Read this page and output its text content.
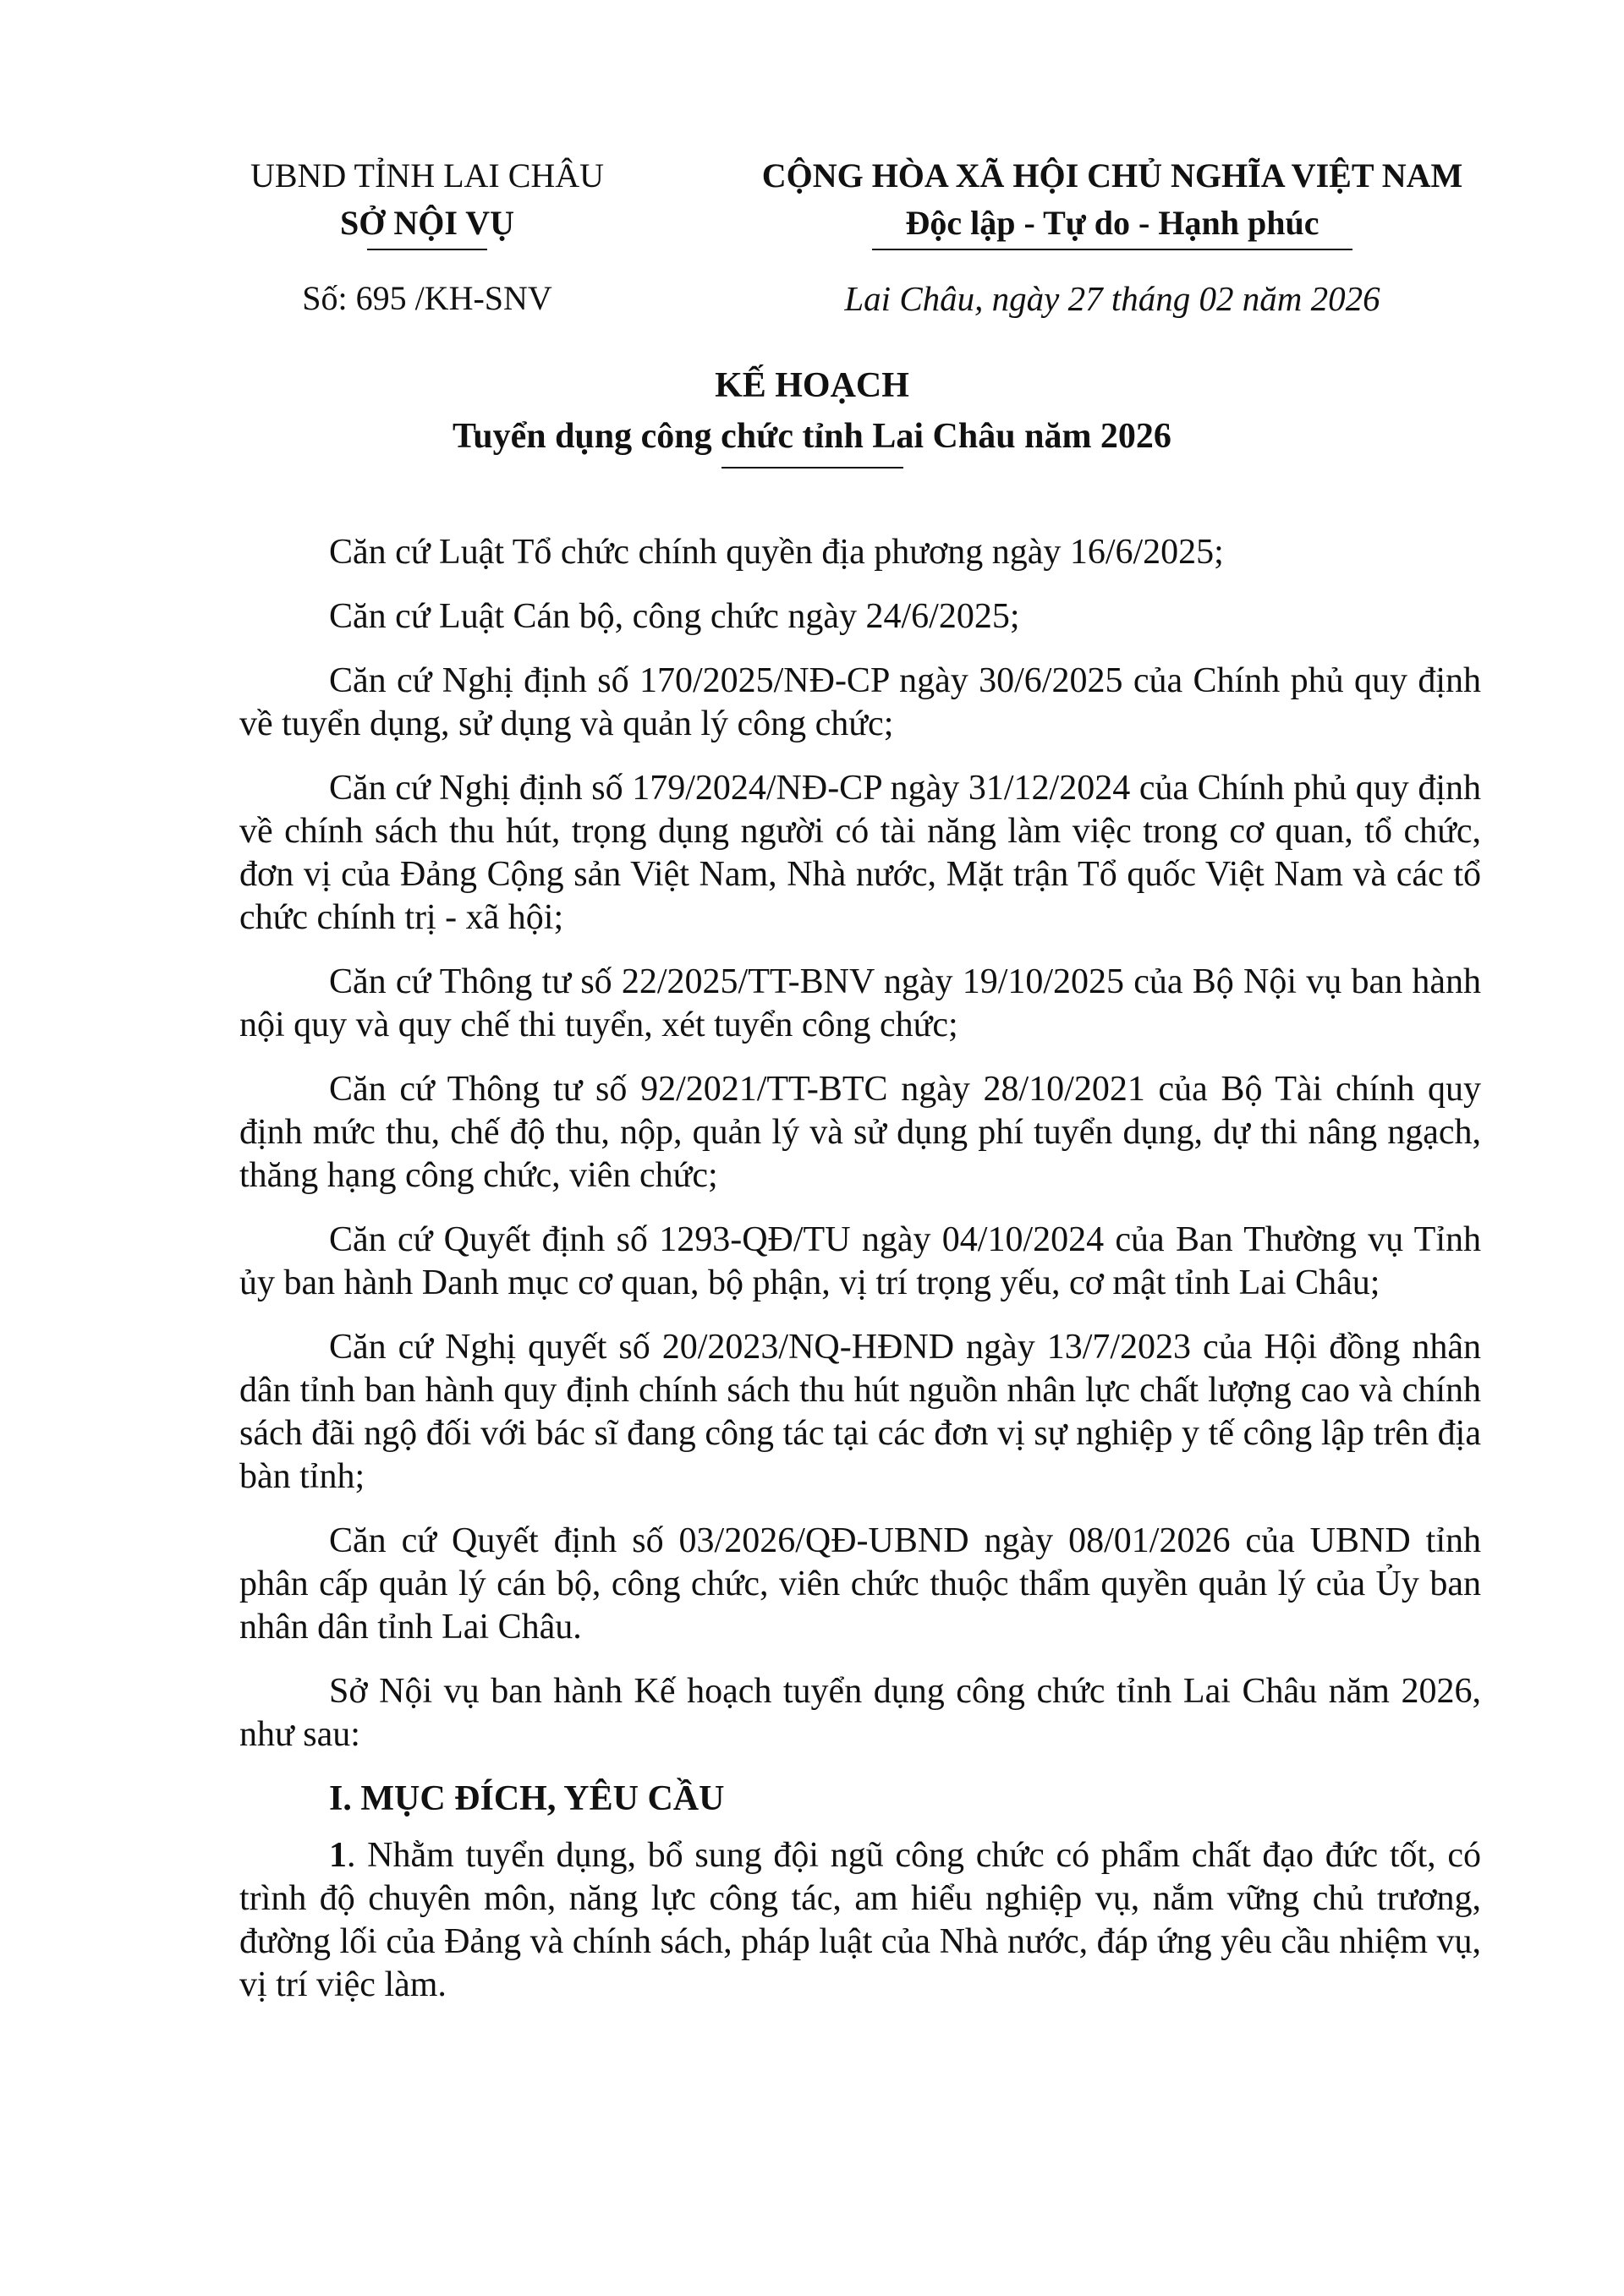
UBND TỈNH LAI CHÂU
SỞ NỘI VỤ
CỘNG HÒA XÃ HỘI CHỦ NGHĨA VIỆT NAM
Độc lập - Tự do - Hạnh phúc
Số: 695 /KH-SNV	Lai Châu, ngày 27 tháng 02 năm 2026
KẾ HOẠCH
Tuyển dụng công chức tỉnh Lai Châu năm 2026

Căn cứ Luật Tổ chức chính quyền địa phương ngày 16/6/2025;

Căn cứ Luật Cán bộ, công chức ngày 24/6/2025;

Căn cứ Nghị định số 170/2025/NĐ-CP ngày 30/6/2025 của Chính phủ quy định về tuyển dụng, sử dụng và quản lý công chức;

Căn cứ Nghị định số 179/2024/NĐ-CP ngày 31/12/2024 của Chính phủ quy định về chính sách thu hút, trọng dụng người có tài năng làm việc trong cơ quan, tổ chức, đơn vị của Đảng Cộng sản Việt Nam, Nhà nước, Mặt trận Tổ quốc Việt Nam và các tổ chức chính trị - xã hội;

Căn cứ Thông tư số 22/2025/TT-BNV ngày 19/10/2025 của Bộ Nội vụ ban hành nội quy và quy chế thi tuyển, xét tuyển công chức;

Căn cứ Thông tư số 92/2021/TT-BTC ngày 28/10/2021 của Bộ Tài chính quy định mức thu, chế độ thu, nộp, quản lý và sử dụng phí tuyển dụng, dự thi nâng ngạch, thăng hạng công chức, viên chức;

Căn cứ Quyết định số 1293-QĐ/TU ngày 04/10/2024 của Ban Thường vụ Tỉnh ủy ban hành Danh mục cơ quan, bộ phận, vị trí trọng yếu, cơ mật tỉnh Lai Châu;

Căn cứ Nghị quyết số 20/2023/NQ-HĐND ngày 13/7/2023 của Hội đồng nhân dân tỉnh ban hành quy định chính sách thu hút nguồn nhân lực chất lượng cao và chính sách đãi ngộ đối với bác sĩ đang công tác tại các đơn vị sự nghiệp y tế công lập trên địa bàn tỉnh;

Căn cứ Quyết định số 03/2026/QĐ-UBND ngày 08/01/2026 của UBND tỉnh phân cấp quản lý cán bộ, công chức, viên chức thuộc thẩm quyền quản lý của Ủy ban nhân dân tỉnh Lai Châu.

Sở Nội vụ ban hành Kế hoạch tuyển dụng công chức tỉnh Lai Châu năm 2026, như sau:

I. MỤC ĐÍCH, YÊU CẦU

1. Nhằm tuyển dụng, bổ sung đội ngũ công chức có phẩm chất đạo đức tốt, có trình độ chuyên môn, năng lực công tác, am hiểu nghiệp vụ, nắm vững chủ trương, đường lối của Đảng và chính sách, pháp luật của Nhà nước, đáp ứng yêu cầu nhiệm vụ, vị trí việc làm.
